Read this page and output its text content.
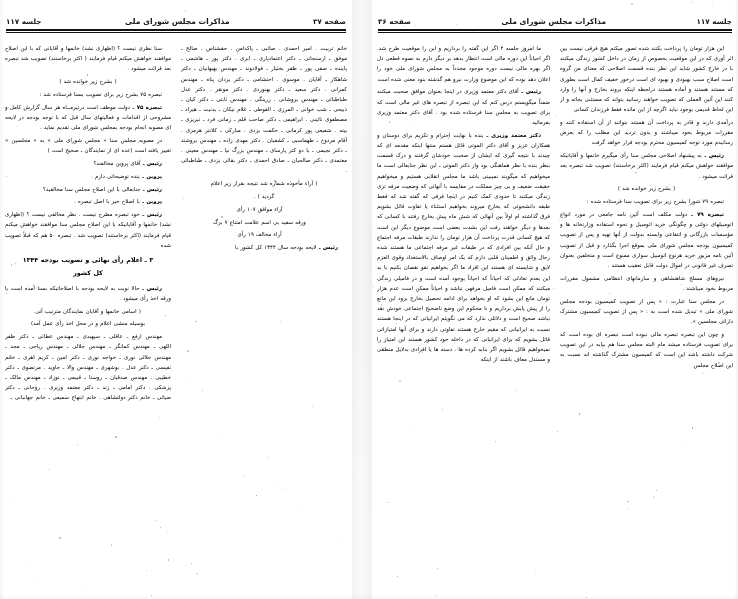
جلسه ۱۱۷
مذاکرات مجلس شورای ملی
صفحه ۳۶

ما امروز جلسه ۴ اگر این گفته را برداریم و این را موقعیت طرح شد. اگر احیاناً این دوره مالی است انتظار بدهد بر دیگر دارم به نصوه قطعی دل اگر بهره مالی نیست دوره موجود مجدداً به مجلس شورای ملی خود را اعلان دهد بوده که این موضوع وزارت نیرو هم گذشته بنود معنی شده است

رئیس ـ آقای دکتر معتمد وزیری در اینجا بعنوان موافق صحبت میکنند ضمناً میگویستم درس کنم که این تبصره از تبصره های غیر مالی است که برای تصویب به مجلس سنا فرستاده شده بود . آقای دکتر معتمد وزیری بفرمائید

دکتر معتمد وزیری ـ بنده با نهایت احترام و تکریم برای دوستان و همکاران عزیز و آقای دکتر الموتی قائل هستم منتها اینکه مقدمه ای که چیدند با نتیجه گیری که ایشان از صحبت خودشان گرفتند و درک قسمت بنظر بنده با نظر هماهنگی بود واز دکتر الموتی ـ این نظر جنابعالی است ما میخواهیم که میگویند نمیبینی باشد ما مجلس انقلابی هستیم و میخواهیم حقیقت ضعیف و بی چیز مملکت در مقایسه با آنهائی که وضعیت مرفه تری زندگی میکنند تا حدودی کمک کنیم در اینجا فرقی که گفته شد که فقط طبقه دانشجوئی که بخارج میروند بخواهیم استثناء یا تفاوت قائل بشویم فرق گذاشته ام اولاً بین آنهائی که شش ماه پیش بخارج رفتند با کسانی که بعدها و دیگر خواهند رفت این بشدت بعضی است موضوع دیگر این است که هیچ کسانی قدرت پرداخت آن هزار تومان را ندارند طبقات مرفه اجتماع و حال آنکه بین افرادی که در طبقات غیر مرفه اجتماعی ما هستند شده رجال واثق و اطمینان قلبی دارم که یک امر اوصاف بالاستعداد وقوی العزم لایق و شایسته ای هستند این افراد ما اگر بخواهیم تقو نقصان بکنیم با بد این بعدم تعادلی که احیاناً که احیاناً بوجود آمده است و در فامیلی زندگی میکنند که ممکن است فامیل مرفهی نباشد و احیاناً ممکن است عدم هزار تومان مانع این بشود که او بخواهد برای ادامه تحصیل بخارج برود این مانع را از پیش پایش برداریم و نا محکوم این وضع ناصحیح اجتماعی خودش نقد نباشد صحیح است و دلائلی نذارد که می نگویئم ایرانیانی که در اینجا هستند نسبت به ایرانیانی که مقیم خارج هستند تفاوتی دارند و برای آنها امتیازاتی قائل بشویم که برای ایرانیانی که در داخله خود کشور هستند این امتیاز را نمیخواهیم قائل بشویم اگر بنابه کرده ها . دسته ها یا افرادی بدلایل منطقی و مستدل معاف باشند از اینکه

این هزار تومان را پرداخت بکنند شده تصور میکنم هیچ فرقی نیست بین اثر آوری که در این موقعیت بخصوص از زمان در داخل کشور زندگی میکنند با در خارج کشور شاید این نظر بنده قسمت اصلاحی که معنای من گروه است اصلاح سبب بهبودی و بهبود ای است درخور خفیف کمال است بطوری که مستند هستند و آماده هستند درلحظه اینکه بروند بخارج و آنها را وارد کنند این آئین العملی که تصویب خواهند رسانید بتواند که مستثنی بجاته و از این لحاظ قدیمی بوجود نباید اگرچه از این مانده فقط فرزندان کسانی

درآمدی دارند و قادر به پرداخت آن هستند بتوانند از آن استفاده کنند و مقررات مربوط بخود میباشند و بدون تردید این مطلب را که بعرض رسانیدم مورد توجه کمیسیون محترم بودجه قرار خواهد گرفت

رئیس ـ به پیشنهاد اصلاحی مجلس سنا رأی میگیرم خانمها و آقایانیکه موافقند خواهش میکنم قیام فرمایند (اکثر برخاستند) تصویب شد تبصره بعد قرائت میشود .

( بشرح زیر خوانده شد )

تبصره ۷۹ شورا بشرح زیر برای تصویب سنا فرستاده شده :

تبصره ۷۹ ـ دولت مکلف است آئین نامه جامعی در مورد انواع اتومبیلهای دولتی و چگونگی خرید اتومبیل و نحوه استفاده وزارتخانه ها و مؤسسات بازرگانی و انتفاعی وابسته بدولت از آنها تهیه و پس از تصویب کمیسیون بودجه مجلس شورای ملی بموقع اجرا بگذارد و قبل از تصویب آئین نامه مزبور خرید هرنوع اتومبیل سواری ممنوع است و متخلفین بعنوان تصرف غیر قانونی در اموال دولت قابل تعقیب هستند .

نیروهای مسلح شاهنشاهی و سازمانهای انتظامی مشمول مقررات مربوط بخود میباشند .

در مجلس سنا عبارت : « پس از تصویب کمیسیون بودجه مجلس شورای ملی » تبدیل شده است به : « پس از تصویب کمیسیون مشترک دارائی مجلسین ».

و چون این تبصره تبصره مالی نبوده است تبصره ای بوده است که برای تصویب فرستاده میشد مام البته مجلس سنا هم بپایه در این تصویب شرکت داشته باشد این است که کمیسیون مشترک گذاشته اند نسبت به این اصلاح مجلس

صفحه ۳۷
مذاکرات مجلس شورای ملی
جلسه ۱۱۷

سنا نظری نیست ؟ (اظهاری نشد) خانمها و آقایانی که با این اصلاح موافقند خواهش میکنم قیام فرمایند ( اکثر برخاستند) تصویب شد تبصره بعد قرائت میشود .

( بشرح زیر خوانده شد )

تبصره ۷۵ بشرح زیر برای تصویب بسنا فرستاده شد :

تبصره ۷۵ ـ دولت موظف است درتیرمــاه هر سال گزارش کامل و مشروحی از اقدامات و فعالیتهای سال قبل که با توجه بودجه در لایحه ای مصوبه انجام بودجه بمجلس شورای ملی تقدیم نماید .

در مصوبه مجلس سنا « مجلس شورای ملی » به « مجلسین » تغییر یافته است (عده ای از نمایندگان ـ صحیح است )

رئیس ـ آقای پروین مخالفند؟

پروین ـ بنده توضیحاتی دارم .

رئیس ـ جنابعالی با این اصلاح مجلس سنا مخالفید؟

پروین ـ با اصلاح خیر با اصل تبصره .

رئیس ـ خود تبصره مطرح نیست . نظر مخالفی نیست ؟ (اظهاری نشد) خانمها و آقایانیکه با این اصلاح مجلس سنا موافقند خواهش میکنم قیام فرمایند (اکثر برخاستند) تصویب شد . تبصره ۵۰ هم که قبلاً تصویب شده

۳ ـ اعلام رأی نهائی و تصویب بودجه ۱۳۴۴

کل کشور

رئیس ـ حالا نوبت به لایحه بودجه با اصلاحاتیکه بسنا آمده است با ورقه اخذ رأی میشود .

( اسامی خانمها و آقایان نمایندگان مترتیب آتی

بوسیله منشی اعلام و در محل اخذ رأی عمل آمد)

مهندس ارفع ـ عاقلی ـ سپهبدی ـ مهندس عطائی ـ دکتر ظفر اللهی ـ مهندس کمانگر ـ مهندس جلالی ـ مهندس ریاحی ـ مجد ـ مهندس جلالی نوری ـ خواجه نوری ـ دکتر امین ـ کریم اهری ـ خانم نفیسی ـ دکتر عدل . بوشهری ـ مهندس والا ـ جاوید . مرتضوی ـ دکتر خطیبی . مهندس صدقیان ـ روستا ـ قبیمی ـ نوزاد ـ مهندس مالک ـ پزشکی . دکتر امامی ـ زند ـ دکتر معتمد وزیری . روحانی ـ دکتر ضیائی ـ خانم دکتر دولتشاهی . خانم ابتهاج سمیعی ـ خانم جهانبانی ـ

خانم تربیت . امیر احمدی . صائبی ـ پاکدامن . حقشناس . صالح ـ موفق ـ ارسنجانی ـ دکتر اعتمادپاری ـ ابری . دکتر پور ـ هاشمی ـ پاینده ـ صفی پور ـ ظفر بختیار ـ فولادوند ـ مهندس بهبهانیان ـ دکتر شاهکار ـ آقایان . موسوی . احتشامی ـ دکتر یزدان پناه ـ مهندس کمرانی . دکتر سعید ـ دکتر بهنوردی . دکتر مونقر . دکتر عدل طباطبائی ـ مهندس بروشانی . زرینگی . مهندس ثابتی ـ دکتر کیان ـ ذبیحی ـ شب خوانی ـ المرزی ـ القوطی ـ غلام نیکان ـ بدنیت ـ هیراد ـ مصطفوی نائینی . ابراهیمی ـ دکتر صاحب قلم ـ زمانی فرد ـ تبریزی ـ بیته . شفیعی پور کرمانی ـ حکمت یزدی . مبارکی ـ کلانتر هرمزی . آقام مردوخ ـ طهماسبی ـ کشفیان . دکتر مهدی زاده ـ مهندس بروشند ـ دکتر نجیمی ـ با دو کتر پارسای ـ مهندس بزرگ نیا ـ مهندس معینی . معتمدی ـ دکتر صالحیان ـ صادق احمدی ـ دکتر بقائی یزدی ـ طباطبائی .

( آراء مأخوذه شماره شد نتیجه بقرار زیر اعلام

گردید ) .

آراء موافق ۱۰۷ رأی

ورقه سفید بی اسم علامت امتناع ۷ برگ

آراء مخالف ۱۹ رأی

رئیس ـ لایحه بودجه سال ۱۳۴۴ کل کشور با
